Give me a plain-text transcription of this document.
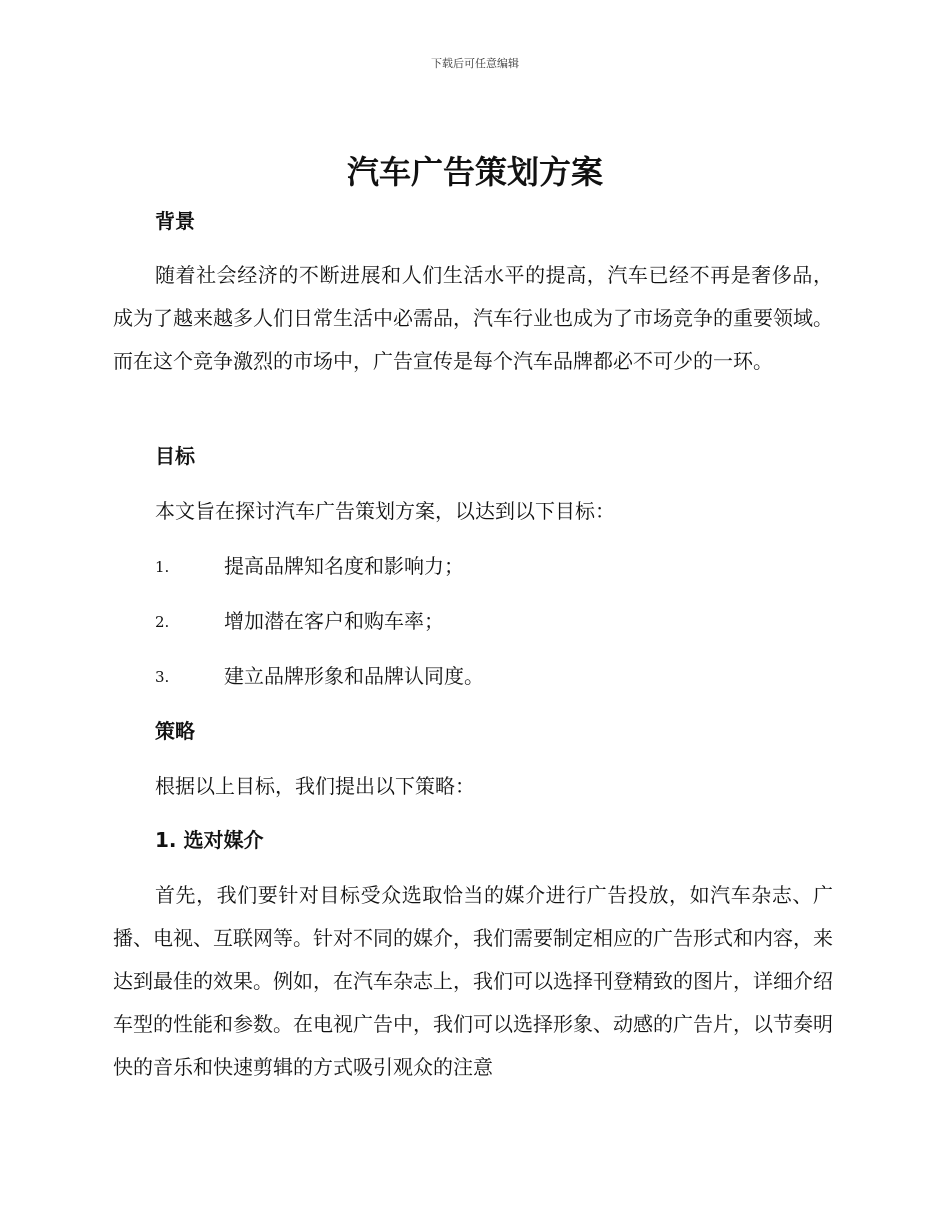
下载后可任意编辑
汽车广告策划方案
背景

随着社会经济的不断进展和人们生活水平的提高，汽车已经不再是奢侈品，成为了越来越多人们日常生活中必需品，汽车行业也成为了市场竞争的重要领域。而在这个竞争激烈的市场中，广告宣传是每个汽车品牌都必不可少的一环。

目标

本文旨在探讨汽车广告策划方案，以达到以下目标：

1.	提高品牌知名度和影响力；
2.	增加潜在客户和购车率；
3.	建立品牌形象和品牌认同度。
策略

根据以上目标，我们提出以下策略：

1. 选对媒介

首先，我们要针对目标受众选取恰当的媒介进行广告投放，如汽车杂志、广播、电视、互联网等。针对不同的媒介，我们需要制定相应的广告形式和内容，来达到最佳的效果。例如，在汽车杂志上，我们可以选择刊登精致的图片，详细介绍车型的性能和参数。在电视广告中，我们可以选择形象、动感的广告片，以节奏明快的音乐和快速剪辑的方式吸引观众的注意
